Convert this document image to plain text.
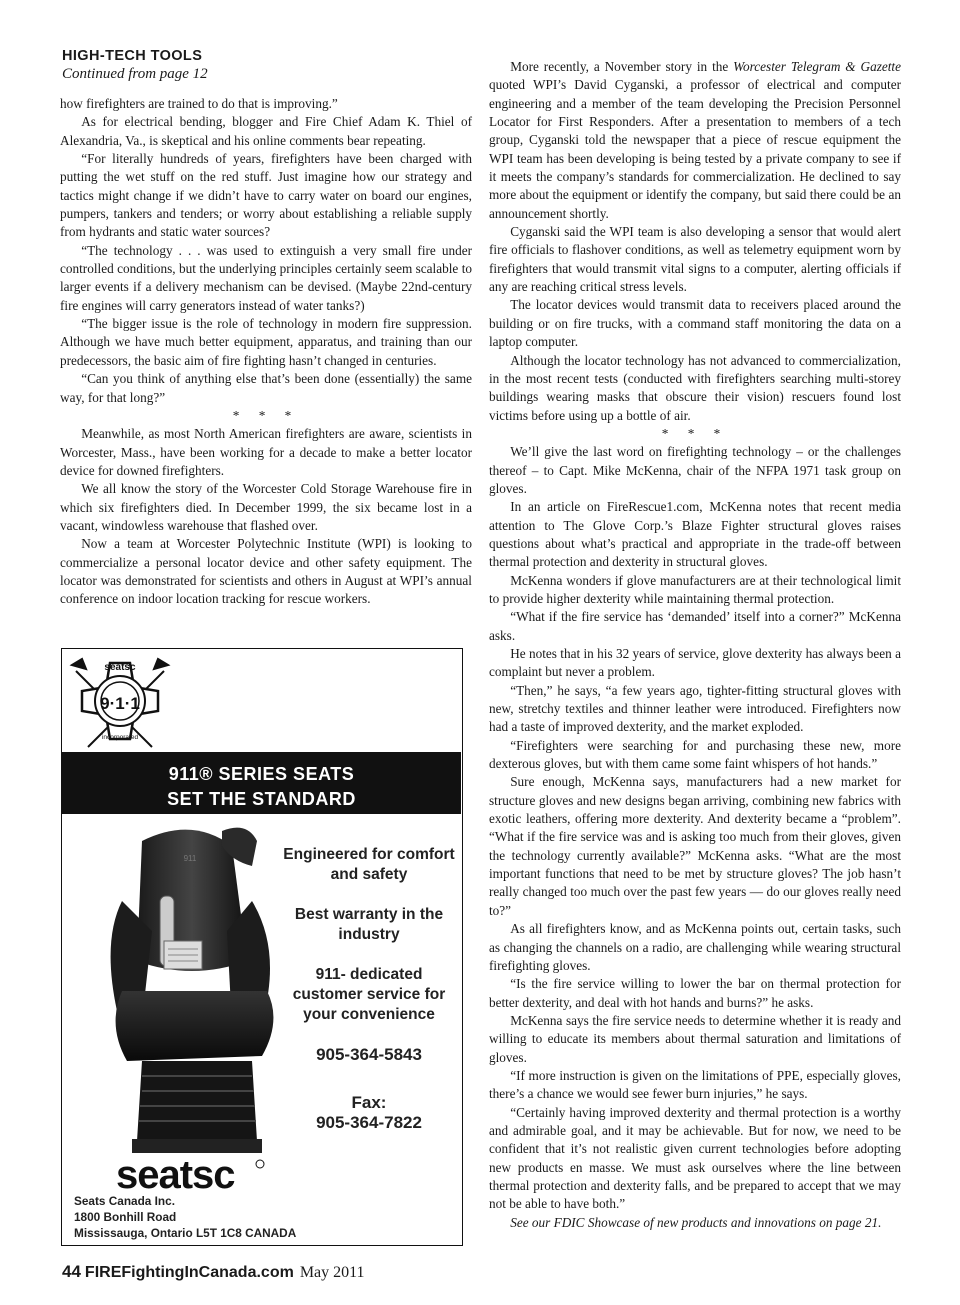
HIGH-TECH TOOLS
Continued from page 12

how firefighters are trained to do that is improving.”

As for electrical bending, blogger and Fire Chief Adam K. Thiel of Alexandria, Va., is skeptical and his online comments bear repeating.

“For literally hundreds of years, firefighters have been charged with putting the wet stuff on the red stuff. Just imagine how our strategy and tactics might change if we didn’t have to carry water on board our engines, pumpers, tankers and tenders; or worry about establishing a reliable supply from hydrants and static water sources?

“The technology . . . was used to extinguish a very small fire under controlled conditions, but the underlying principles certainly seem scalable to larger events if a delivery mechanism can be devised. (Maybe 22nd-century fire engines will carry generators instead of water tanks?)

“The bigger issue is the role of technology in modern fire suppression. Although we have much better equipment, apparatus, and training than our predecessors, the basic aim of fire fighting hasn’t changed in centuries.

“Can you think of anything else that’s been done (essentially) the same way, for that long?”

* * *

Meanwhile, as most North American firefighters are aware, scientists in Worcester, Mass., have been working for a decade to make a better locator device for downed firefighters.

We all know the story of the Worcester Cold Storage Warehouse fire in which six firefighters died. In December 1999, the six became lost in a vacant, windowless warehouse that flashed over.

Now a team at Worcester Polytechnic Institute (WPI) is looking to commercialize a personal locator device and other safety equipment. The locator was demonstrated for scientists and others in August at WPI’s annual conference on indoor location tracking for rescue workers.

seatsc
9·1·1
incorporated
911® SERIES SEATS
SET THE STANDARD
911	Engineered for comfort and safety
Best warranty in the industry
911- dedicated customer service for your convenience
905-364-5843
Fax:
905-364-7822
seatsc
Seats Canada Inc.
1800 Bonhill Road
Mississauga, Ontario L5T 1C8 CANADA

More recently, a November story in the Worcester Telegram & Gazette quoted WPI’s David Cyganski, a professor of electrical and computer engineering and a member of the team developing the Precision Personnel Locator for First Responders. After a presentation to members of a tech group, Cyganski told the newspaper that a piece of rescue equipment the WPI team has been developing is being tested by a private company to see if it meets the company’s standards for commercialization. He declined to say more about the equipment or identify the company, but said there could be an announcement shortly.

Cyganski said the WPI team is also developing a sensor that would alert fire officials to flashover conditions, as well as telemetry equipment worn by firefighters that would transmit vital signs to a computer, alerting officials if any are reaching critical stress levels.

The locator devices would transmit data to receivers placed around the building or on fire trucks, with a command staff monitoring the data on a laptop computer.

Although the locator technology has not advanced to commercialization, in the most recent tests (conducted with firefighters searching multi-storey buildings wearing masks that obscure their vision) rescuers found lost victims before using up a bottle of air.

* * *

We’ll give the last word on firefighting technology – or the challenges thereof – to Capt. Mike McKenna, chair of the NFPA 1971 task group on gloves.

In an article on FireRescue1.com, McKenna notes that recent media attention to The Glove Corp.’s Blaze Fighter structural gloves raises questions about what’s practical and appropriate in the trade-off between thermal protection and dexterity in structural gloves.

McKenna wonders if glove manufacturers are at their technological limit to provide higher dexterity while maintaining thermal protection.

“What if the fire service has ‘demanded’ itself into a corner?” McKenna asks.

He notes that in his 32 years of service, glove dexterity has always been a complaint but never a problem.

“Then,” he says, “a few years ago, tighter-fitting structural gloves with new, stretchy textiles and thinner leather were introduced. Firefighters now had a taste of improved dexterity, and the market exploded.

“Firefighters were searching for and purchasing these new, more dexterous gloves, but with them came some faint whispers of hot hands.”

Sure enough, McKenna says, manufacturers had a new market for structure gloves and new designs began arriving, combining new fabrics with exotic leathers, offering more dexterity. And dexterity became a “problem”. “What if the fire service was and is asking too much from their gloves, given the technology currently available?” McKenna asks. “What are the most important functions that need to be met by structure gloves? The job hasn’t really changed too much over the past few years — do our gloves really need to?”

As all firefighters know, and as McKenna points out, certain tasks, such as changing the channels on a radio, are challenging while wearing structural firefighting gloves.

“Is the fire service willing to lower the bar on thermal protection for better dexterity, and deal with hot hands and burns?” he asks.

McKenna says the fire service needs to determine whether it is ready and willing to educate its members about thermal saturation and limitations of gloves.

“If more instruction is given on the limitations of PPE, especially gloves, there’s a chance we would see fewer burn injuries,” he says.

“Certainly having improved dexterity and thermal protection is a worthy and admirable goal, and it may be achievable. But for now, we need to be confident that it’s not realistic given current technologies before adopting new products en masse. We must ask ourselves where the line between thermal protection and dexterity falls, and be prepared to accept that we may not be able to have both.”

See our FDIC Showcase of new products and innovations on page 21.

44 FIREFightingInCanada.com May 2011
